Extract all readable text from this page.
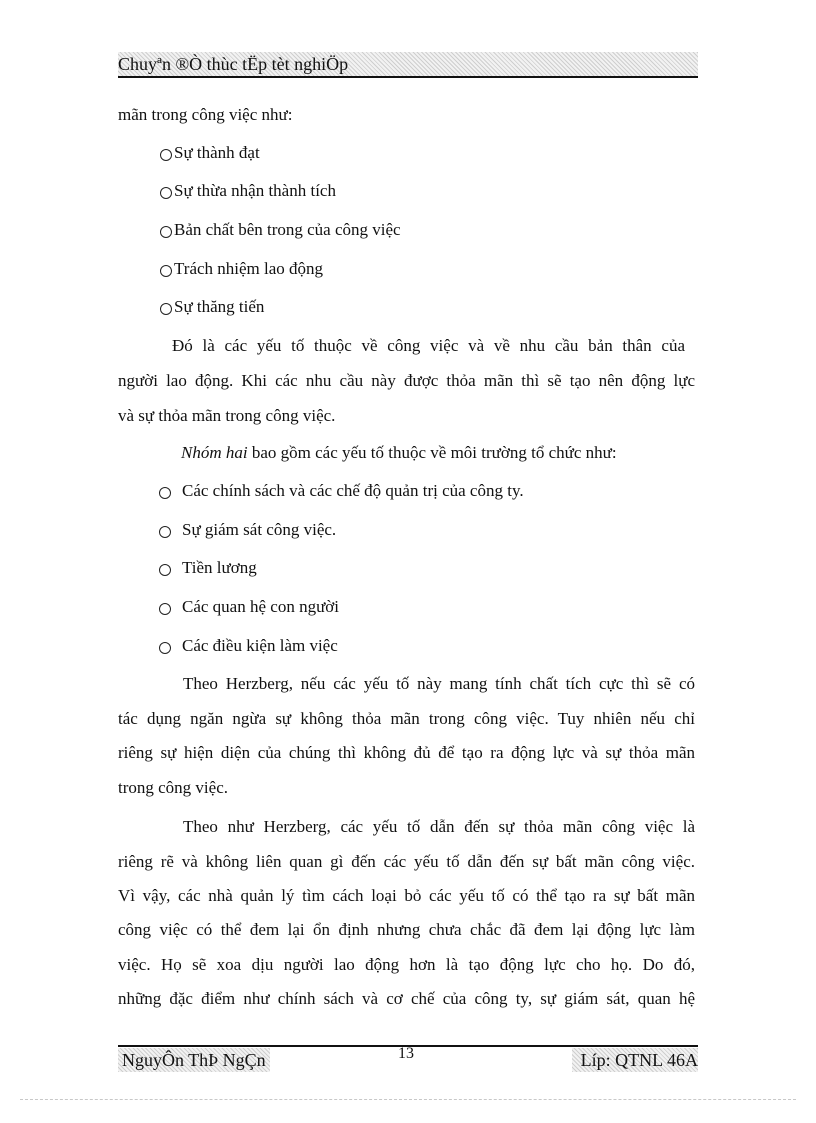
Chuyªn ®Ò thùc tËp tèt nghiÖp
mãn trong công việc như:
Sự thành đạt
Sự thừa nhận thành tích
Bản chất bên trong của công việc
Trách nhiệm lao động
Sự thăng tiến
Đó là các yếu tố thuộc về công việc và về nhu cầu bản thân của
người lao động. Khi các nhu cầu này được thỏa mãn thì sẽ tạo nên động lực
và sự thỏa mãn trong công việc.
Nhóm hai bao gồm các yếu tố thuộc về môi trường tổ chức như:
Các chính sách và các chế độ quản trị của công ty.
Sự giám sát công việc.
Tiền lương
Các quan hệ con người
Các điều kiện làm việc
Theo Herzberg, nếu các yếu tố này mang tính chất tích cực thì sẽ có
tác dụng ngăn ngừa sự không thỏa mãn trong công việc. Tuy nhiên nếu chỉ
riêng sự hiện diện của chúng thì không đủ để tạo ra động lực và sự thỏa mãn
trong công việc.
Theo như Herzberg, các yếu tố dẫn đến sự thỏa mãn công việc là
riêng rẽ và không liên quan gì đến các yếu tố dẫn đến sự bất mãn công việc.
Vì vậy, các nhà quản lý tìm cách loại bỏ các yếu tố có thể tạo ra sự bất mãn
công việc có thể đem lại ổn định nhưng chưa chắc đã đem lại động lực làm
việc. Họ sẽ xoa dịu người lao động hơn là tạo động lực cho họ. Do đó,
những đặc điểm như chính sách và cơ chế của công ty, sự giám sát, quan hệ
NguyÔn ThÞ NgÇn	13	Líp: QTNL 46A
